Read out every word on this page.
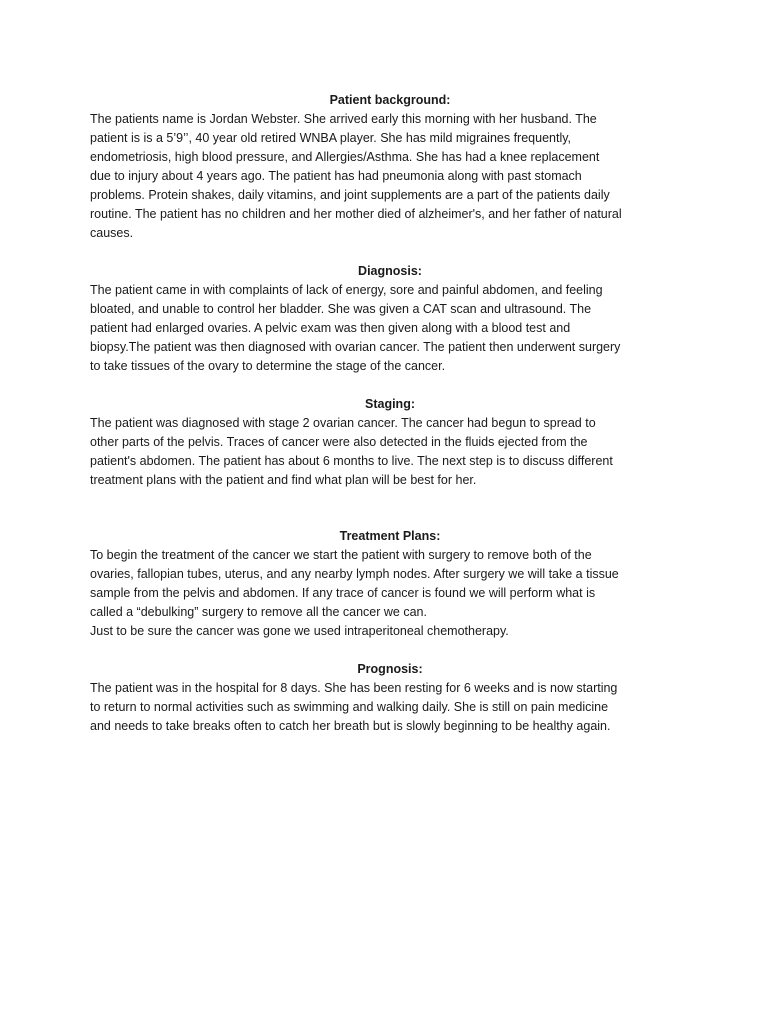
Patient background:

The patients name is Jordan Webster. She arrived early this morning with her husband. The
patient is is a 5’9’’, 40 year old retired WNBA player. She has mild migraines frequently,
endometriosis, high blood pressure, and Allergies/Asthma. She has had a knee replacement
due to injury about 4 years ago. The patient has had pneumonia along with past stomach
problems. Protein shakes, daily vitamins, and joint supplements are a part of the patients daily
routine. The patient has no children and her mother died of alzheimer's, and her father of natural
causes.

Diagnosis:

The patient came in with complaints of lack of energy, sore and painful abdomen, and feeling
bloated, and unable to control her bladder. She was given a CAT scan and ultrasound. The
patient had enlarged ovaries. A pelvic exam was then given along with a blood test and
biopsy.The patient was then diagnosed with ovarian cancer. The patient then underwent surgery
to take tissues of the ovary to determine the stage of the cancer.

Staging:

The patient was diagnosed with stage 2 ovarian cancer. The cancer had begun to spread to
other parts of the pelvis. Traces of cancer were also detected in the fluids ejected from the
patient's abdomen. The patient has about 6 months to live. The next step is to discuss different
treatment plans with the patient and find what plan will be best for her.

Treatment Plans:

To begin the treatment of the cancer we start the patient with surgery to remove both of the
ovaries, fallopian tubes, uterus, and any nearby lymph nodes. After surgery we will take a tissue
sample from the pelvis and abdomen. If any trace of cancer is found we will perform what is
called a “debulking” surgery to remove all the cancer we can.

Just to be sure the cancer was gone we used intraperitoneal chemotherapy.

Prognosis:

The patient was in the hospital for 8 days. She has been resting for 6 weeks and is now starting
to return to normal activities such as swimming and walking daily. She is still on pain medicine
and needs to take breaks often to catch her breath but is slowly beginning to be healthy again.
